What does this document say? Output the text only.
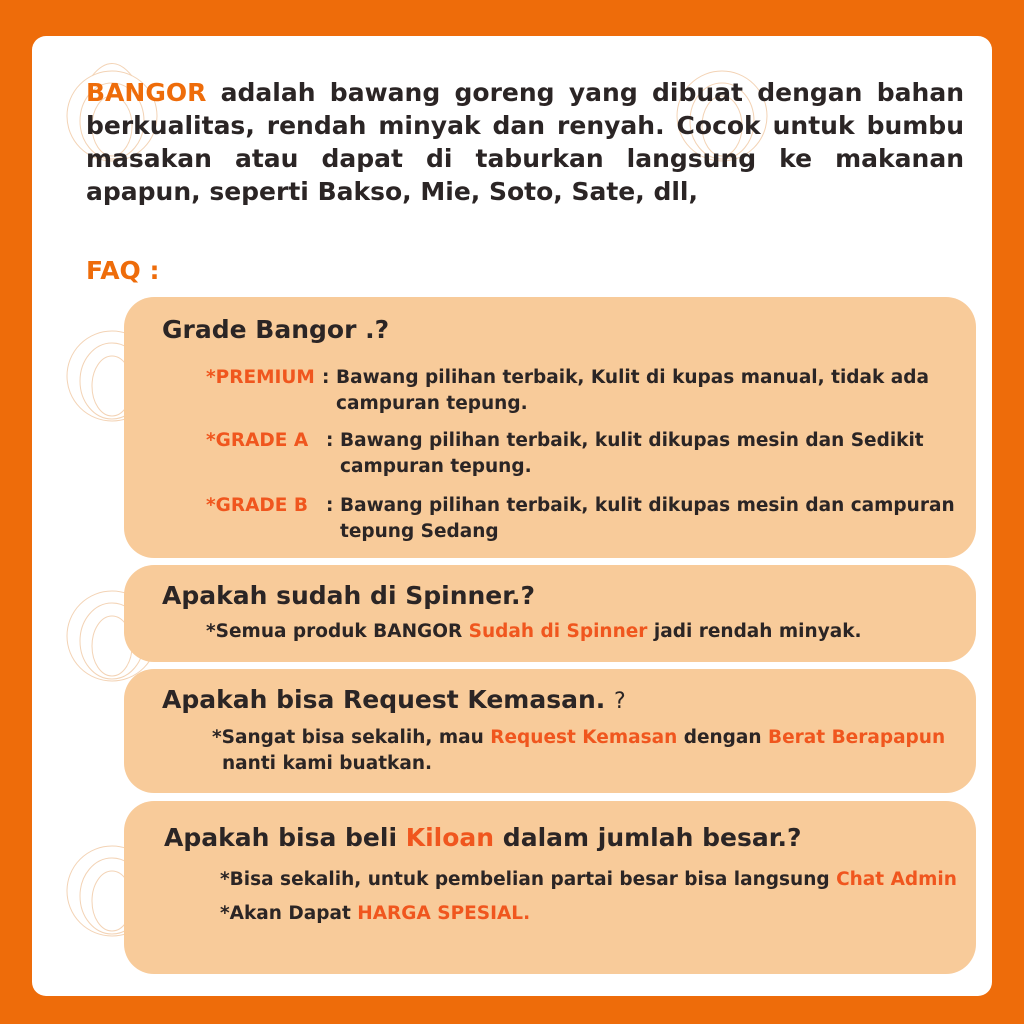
BANGOR adalah bawang goreng yang dibuat dengan bahan berkualitas, rendah minyak dan renyah. Cocok untuk bumbu masakan atau dapat di taburkan langsung ke makanan apapun, seperti Bakso, Mie, Soto, Sate, dll,
FAQ :
Grade Bangor .?
*PREMIUM : Bawang pilihan terbaik, Kulit di kupas manual, tidak ada campuran tepung.
*GRADE A : Bawang pilihan terbaik, kulit dikupas mesin dan Sedikit campuran tepung.
*GRADE B : Bawang pilihan terbaik, kulit dikupas mesin dan campuran tepung Sedang
Apakah sudah di Spinner.?
*Semua produk BANGOR Sudah di Spinner jadi rendah minyak.
Apakah bisa Request Kemasan. ?
*Sangat bisa sekalih, mau Request Kemasan dengan Berat Berapapun
nanti kami buatkan.
Apakah bisa beli Kiloan dalam jumlah besar.?
*Bisa sekalih, untuk pembelian partai besar bisa langsung Chat Admin
*Akan Dapat HARGA SPESIAL.
